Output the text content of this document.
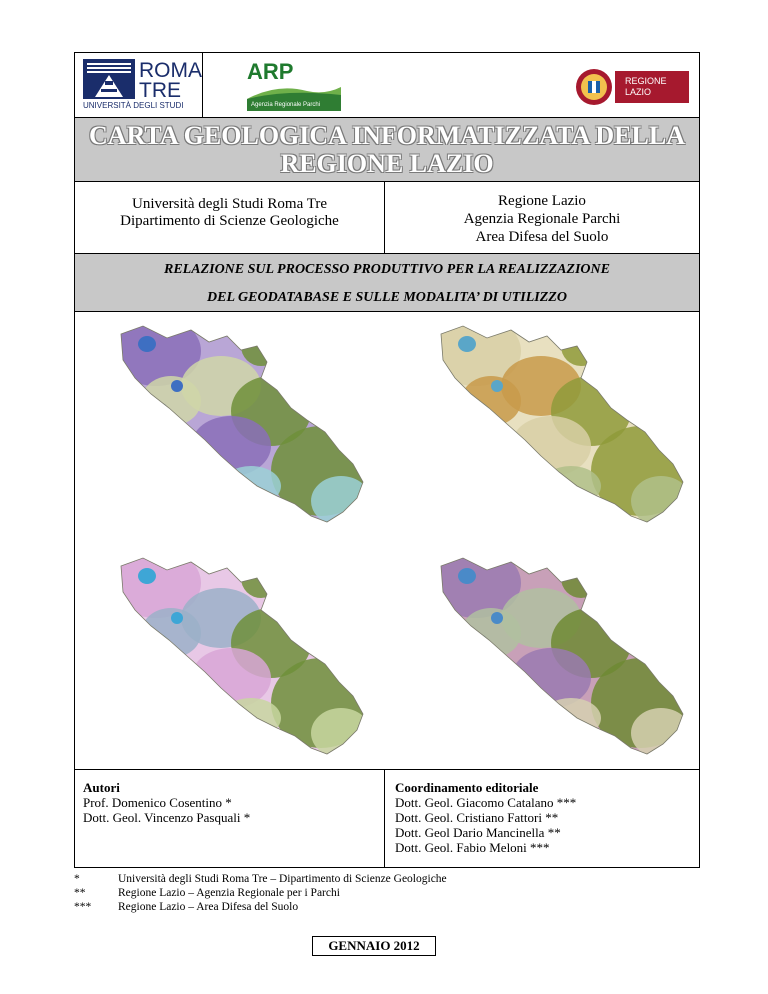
ROMA
TRE
UNIVERSITÀ DEGLI STUDI
ARP
Agenzia Regionale Parchi
REGIONE
LAZIO
CARTA GEOLOGICA INFORMATIZZATA DELLA
REGIONE LAZIO
Università degli Studi Roma Tre
Dipartimento di Scienze Geologiche
Regione Lazio
Agenzia Regionale Parchi
Area Difesa del Suolo
RELAZIONE SUL PROCESSO PRODUTTIVO PER LA REALIZZAZIONE
DEL GEODATABASE E SULLE MODALITA’ DI UTILIZZO
Autori
Prof. Domenico Cosentino *
Dott. Geol. Vincenzo Pasquali *
Coordinamento editoriale
Dott. Geol. Giacomo Catalano ***
Dott. Geol. Cristiano Fattori **
Dott. Geol Dario Mancinella **
Dott. Geol. Fabio Meloni ***
*	Università degli Studi Roma Tre – Dipartimento di Scienze Geologiche
**	Regione Lazio – Agenzia Regionale per i Parchi
*** Regione Lazio – Area Difesa del Suolo
GENNAIO 2012
